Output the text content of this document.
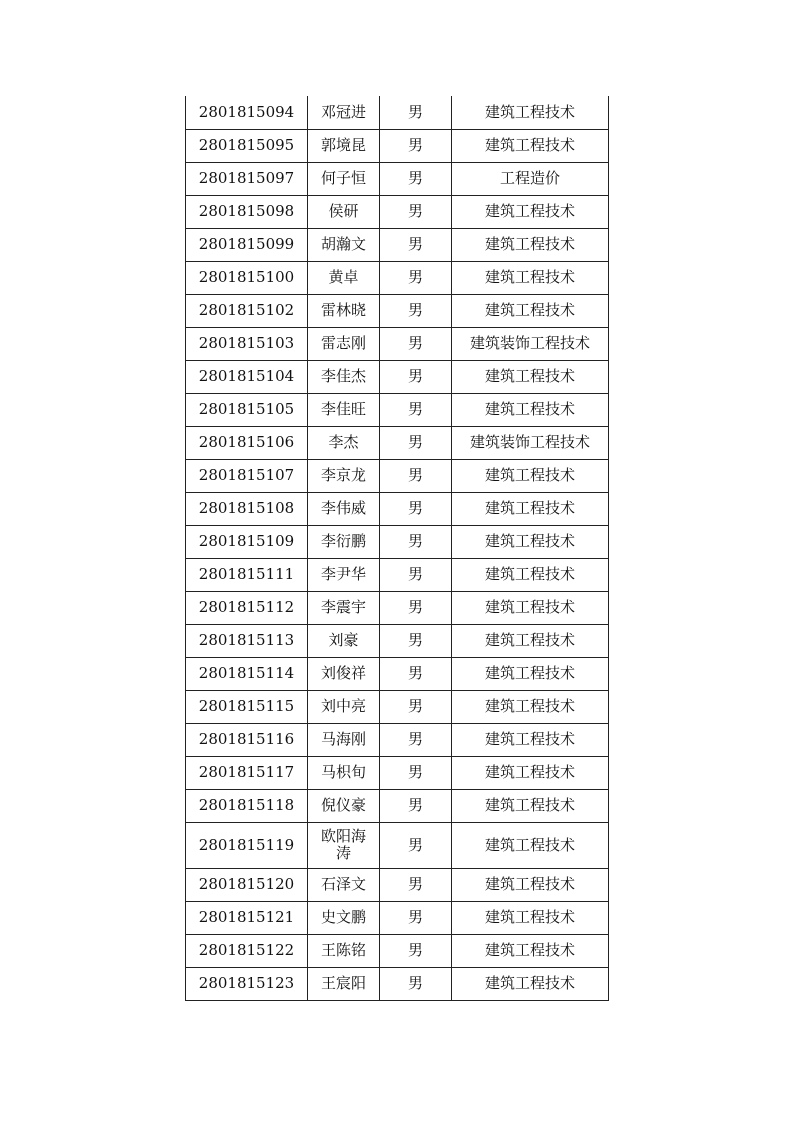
2801815094	邓冠进	男	建筑工程技术
2801815095	郭境昆	男	建筑工程技术
2801815097	何子恒	男	工程造价
2801815098	侯研	男	建筑工程技术
2801815099	胡瀚文	男	建筑工程技术
2801815100	黄卓	男	建筑工程技术
2801815102	雷林晓	男	建筑工程技术
2801815103	雷志刚	男	建筑装饰工程技术
2801815104	李佳杰	男	建筑工程技术
2801815105	李佳旺	男	建筑工程技术
2801815106	李杰	男	建筑装饰工程技术
2801815107	李京龙	男	建筑工程技术
2801815108	李伟威	男	建筑工程技术
2801815109	李衍鹏	男	建筑工程技术
2801815111	李尹华	男	建筑工程技术
2801815112	李震宇	男	建筑工程技术
2801815113	刘豪	男	建筑工程技术
2801815114	刘俊祥	男	建筑工程技术
2801815115	刘中亮	男	建筑工程技术
2801815116	马海刚	男	建筑工程技术
2801815117	马枳旬	男	建筑工程技术
2801815118	倪仪豪	男	建筑工程技术
2801815119	欧阳海涛	男	建筑工程技术
2801815120	石泽文	男	建筑工程技术
2801815121	史文鹏	男	建筑工程技术
2801815122	王陈铭	男	建筑工程技术
2801815123	王宸阳	男	建筑工程技术
